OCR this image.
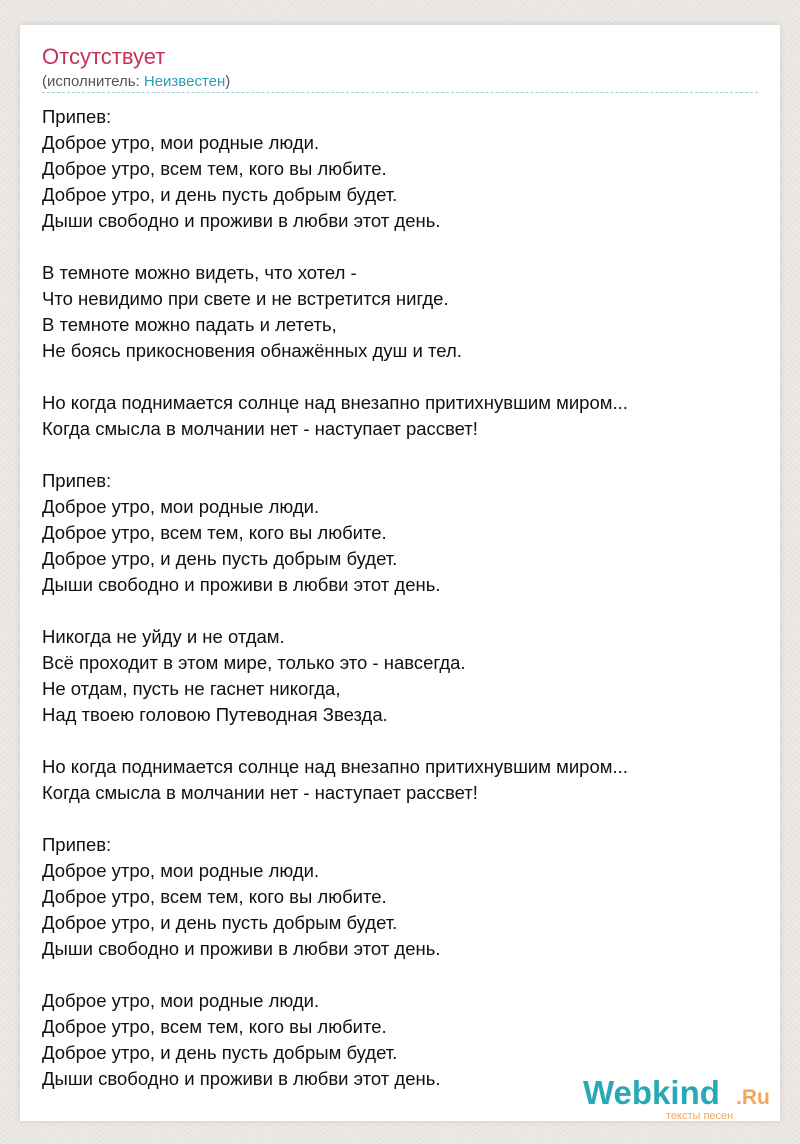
Отсутствует
(исполнитель: Неизвестен)
Припев:
Доброе утро, мои родные люди.
Доброе утро, всем тем, кого вы любите.
Доброе утро, и день пусть добрым будет.
Дыши свободно и проживи в любви этот день.

В темноте можно видеть, что хотел -
Что невидимо при свете и не встретится нигде.
В темноте можно падать и лететь,
Не боясь прикосновения обнажённых душ и тел.

Но когда поднимается солнце над внезапно притихнувшим миром...
Когда смысла в молчании нет - наступает рассвет!

Припев:
Доброе утро, мои родные люди.
Доброе утро, всем тем, кого вы любите.
Доброе утро, и день пусть добрым будет.
Дыши свободно и проживи в любви этот день.

Никогда не уйду и не отдам.
Всё проходит в этом мире, только это - навсегда.
Не отдам, пусть не гаснет никогда,
Над твоею головою Путеводная Звезда.

Но когда поднимается солнце над внезапно притихнувшим миром...
Когда смысла в молчании нет - наступает рассвет!

Припев:
Доброе утро, мои родные люди.
Доброе утро, всем тем, кого вы любите.
Доброе утро, и день пусть добрым будет.
Дыши свободно и проживи в любви этот день.

Доброе утро, мои родные люди.
Доброе утро, всем тем, кого вы любите.
Доброе утро, и день пусть добрым будет.
Дыши свободно и проживи в любви этот день.	Webkind .Ru
тексты песен
